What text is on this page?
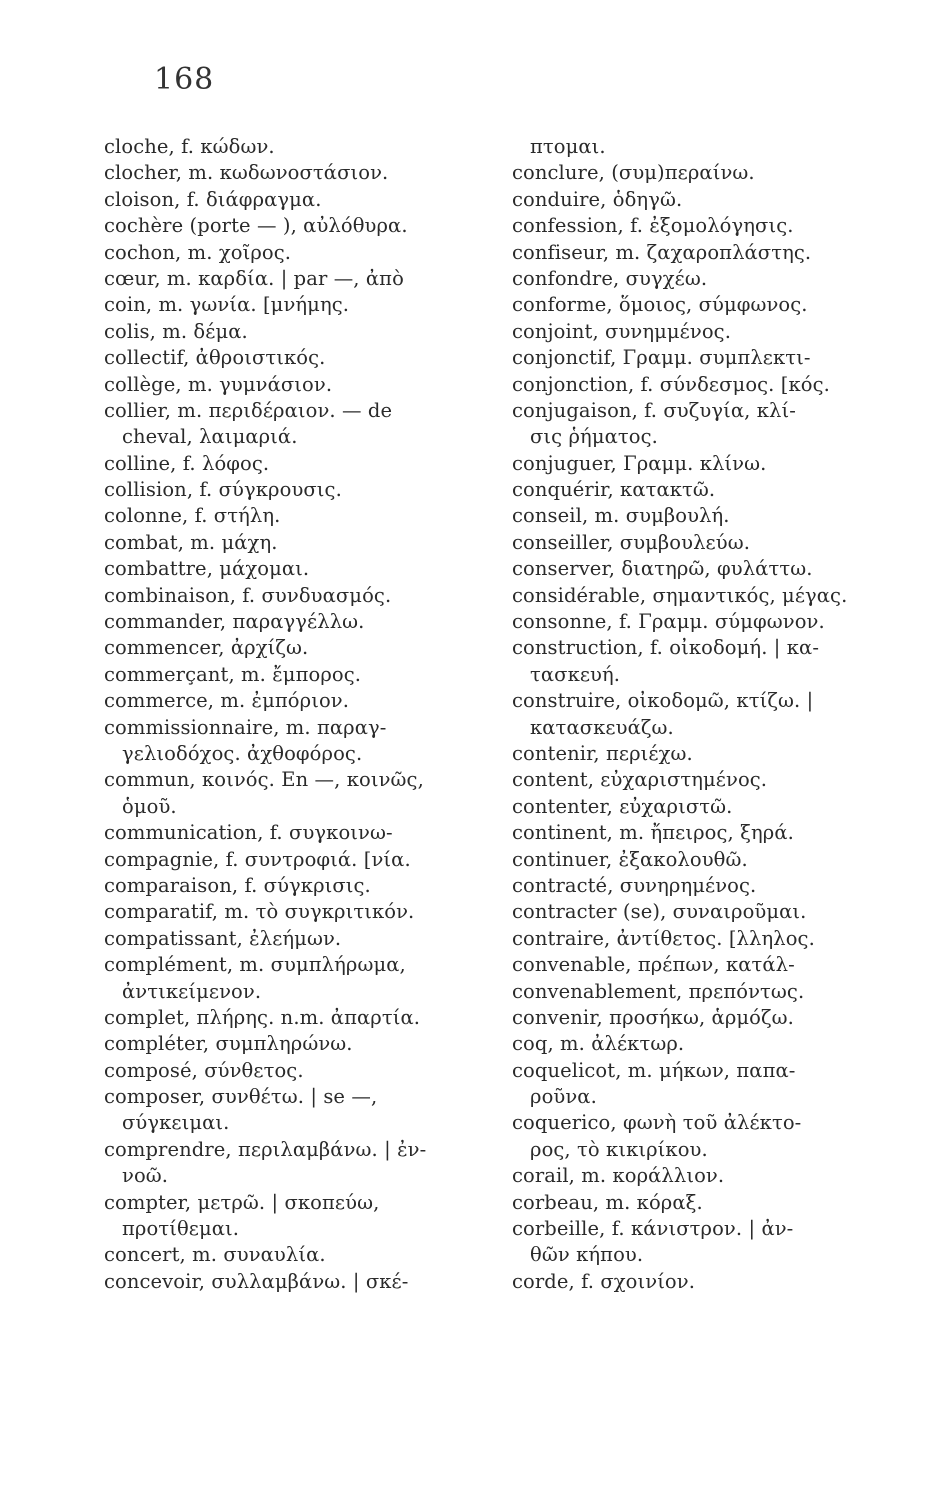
168

cloche, f. κώδων.
clocher, m. κωδωνοστάσιον.
cloison, f. διάφραγμα.
cochère (porte — ), αὐλόθυρα.
cochon, m. χοῖρος.
cœur, m. καρδία. | par —, ἀπὸ
coin, m. γωνία. [μνήμης.
colis, m. δέμα.
collectif, ἀθροιστικός.
collège, m. γυμνάσιον.
collier, m. περιδέραιον. — de
cheval, λαιμαριά.
colline, f. λόφος.
collision, f. σύγκρουσις.
colonne, f. στήλη.
combat, m. μάχη.
combattre, μάχομαι.
combinaison, f. συνδυασμός.
commander, παραγγέλλω.
commencer, ἀρχίζω.
commerçant, m. ἔμπορος.
commerce, m. ἐμπόριον.
commissionnaire, m. παραγ-
γελιοδόχος. ἀχθοφόρος.
commun, κοινός. En —, κοινῶς,
ὁμοῦ.
communication, f. συγκοινω-
compagnie, f. συντροφιά. [νία.
comparaison, f. σύγκρισις.
comparatif, m. τὸ συγκριτικόν.
compatissant, ἐλεήμων.
complément, m. συμπλήρωμα,
ἀντικείμενον.
complet, πλήρης. n.m. ἀπαρτία.
compléter, συμπληρώνω.
composé, σύνθετος.
composer, συνθέτω. | se —,
σύγκειμαι.
comprendre, περιλαμβάνω. | ἐν-
νοῶ.
compter, μετρῶ. | σκοπεύω,
προτίθεμαι.
concert, m. συναυλία.
concevoir, συλλαμβάνω. | σκέ-
πτομαι.
conclure, (συμ)περαίνω.
conduire, ὁδηγῶ.
confession, f. ἐξομολόγησις.
confiseur, m. ζαχαροπλάστης.
confondre, συγχέω.
conforme, ὅμοιος, σύμφωνος.
conjoint, συνημμένος.
conjonctif, Γραμμ. συμπλεκτι-
conjonction, f. σύνδεσμος. [κός.
conjugaison, f. συζυγία, κλί-
σις ῥήματος.
conjuguer, Γραμμ. κλίνω.
conquérir, κατακτῶ.
conseil, m. συμβουλή.
conseiller, συμβουλεύω.
conserver, διατηρῶ, φυλάττω.
considérable, σημαντικός, μέγας.
consonne, f. Γραμμ. σύμφωνον.
construction, f. οἰκοδομή. | κα-
τασκευή.
construire, οἰκοδομῶ, κτίζω. |
κατασκευάζω.
contenir, περιέχω.
content, εὐχαριστημένος.
contenter, εὐχαριστῶ.
continent, m. ἤπειρος, ξηρά.
continuer, ἐξακολουθῶ.
contracté, συνηρημένος.
contracter (se), συναιροῦμαι.
contraire, ἀντίθετος. [λληλος.
convenable, πρέπων, κατάλ-
convenablement, πρεπόντως.
convenir, προσήκω, ἁρμόζω.
coq, m. ἀλέκτωρ.
coquelicot, m. μήκων, παπα-
ροῦνα.
coquerico, φωνὴ τοῦ ἀλέκτο-
ρος, τὸ κικιρίκου.
corail, m. κοράλλιον.
corbeau, m. κόραξ.
corbeille, f. κάνιστρον. | ἀν-
θῶν κήπου.
corde, f. σχοινίον.
